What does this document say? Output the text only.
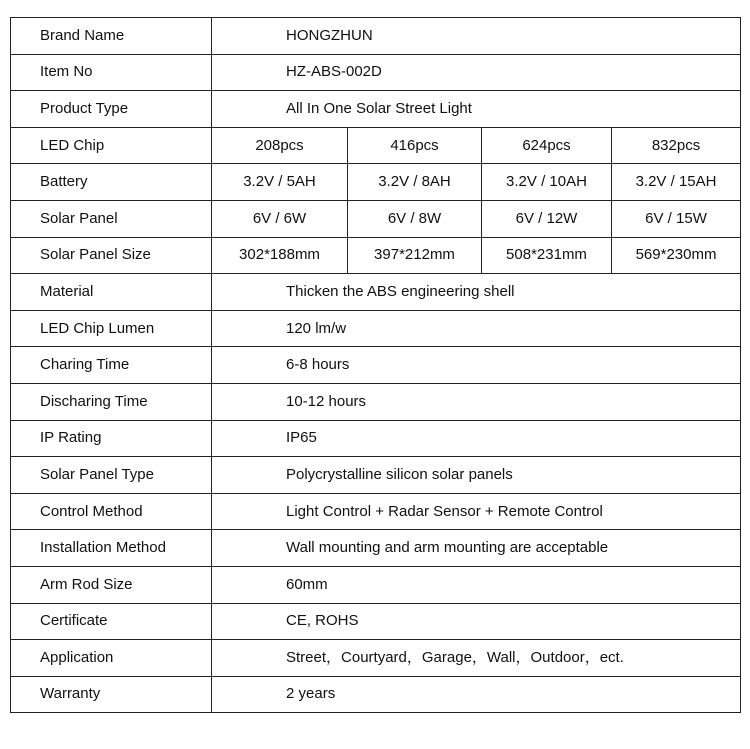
Brand Name	HONGZHUN			
Item No	HZ-ABS-002D			
Product Type	All In One Solar Street Light			
LED Chip	208pcs	416pcs	624pcs	832pcs
Battery	3.2V / 5AH	3.2V / 8AH	3.2V / 10AH	3.2V / 15AH
Solar Panel	6V / 6W	6V / 8W	6V / 12W	6V / 15W
Solar Panel Size	302*188mm	397*212mm	508*231mm	569*230mm
Material	Thicken the ABS engineering shell			
LED Chip Lumen	120 lm/w			
Charing Time	6-8 hours			
Discharing Time	10-12 hours			
IP Rating	IP65			
Solar Panel Type	Polycrystalline silicon solar panels			
Control Method	Light Control + Radar Sensor + Remote Control			
Installation Method	Wall mounting and arm mounting are acceptable			
Arm Rod Size	60mm			
Certificate	CE, ROHS			
Application	Street，Courtyard，Garage，Wall，Outdoor，ect.			
Warranty	2 years			
